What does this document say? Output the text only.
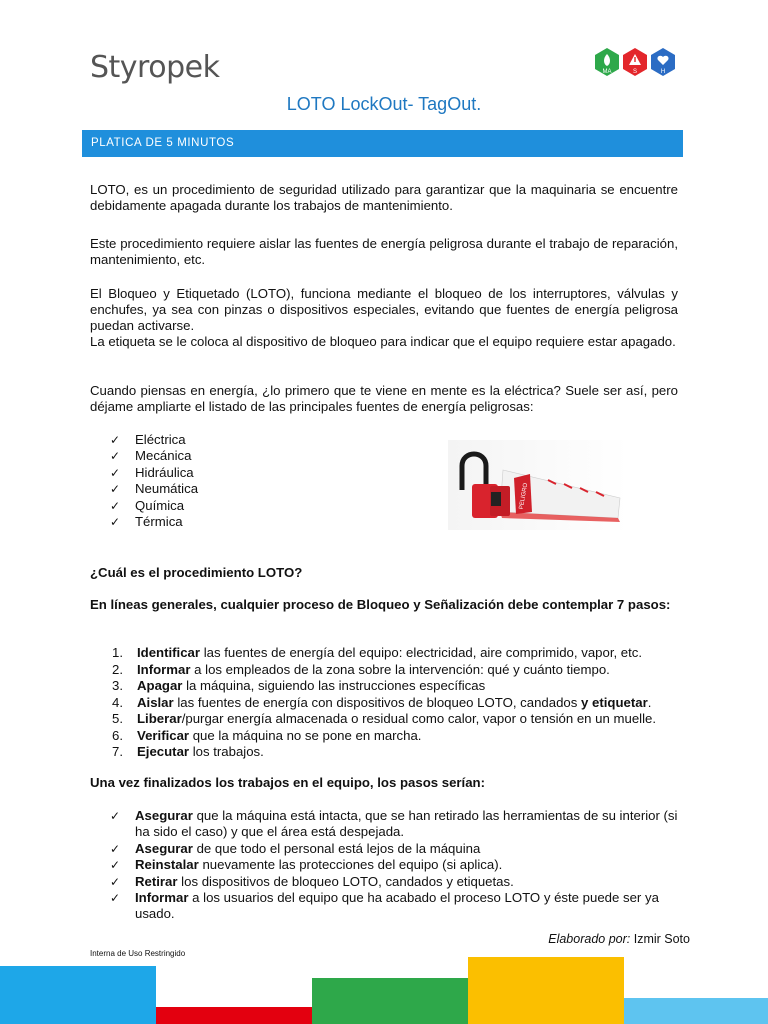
Styropek	MA	S	H
LOTO LockOut- TagOut.
PLATICA DE 5 MINUTOS
LOTO, es un procedimiento de seguridad utilizado para garantizar que la maquinaria se encuentre debidamente apagada durante los trabajos de mantenimiento.
Este procedimiento requiere aislar las fuentes de energía peligrosa durante el trabajo de reparación, mantenimiento, etc.
El Bloqueo y Etiquetado (LOTO), funciona mediante el bloqueo de los interruptores, válvulas y enchufes, ya sea con pinzas o dispositivos especiales, evitando que fuentes de energía peligrosa puedan activarse.
La etiqueta se le coloca al dispositivo de bloqueo para indicar que el equipo requiere estar apagado.
Cuando piensas en energía, ¿lo primero que te viene en mente es la eléctrica? Suele ser así, pero déjame ampliarte el listado de las principales fuentes de energía peligrosas:
✓ Eléctrica
✓ Mecánica
✓ Hidráulica
✓ Neumática
✓ Química
✓ Térmica
PELIGRO
¿Cuál es el procedimiento LOTO?
En líneas generales, cualquier proceso de Bloqueo y Señalización debe contemplar 7 pasos:
1. Identificar las fuentes de energía del equipo: electricidad, aire comprimido, vapor, etc.
2. Informar a los empleados de la zona sobre la intervención: qué y cuánto tiempo.
3. Apagar la máquina, siguiendo las instrucciones específicas
4. Aislar las fuentes de energía con dispositivos de bloqueo LOTO, candados y etiquetar.
5. Liberar/purgar energía almacenada o residual como calor, vapor o tensión en un muelle.
6. Verificar que la máquina no se pone en marcha.
7. Ejecutar los trabajos.
Una vez finalizados los trabajos en el equipo, los pasos serían:
✓ Asegurar que la máquina está intacta, que se han retirado las herramientas de su interior (si ha sido el caso) y que el área está despejada.
✓ Asegurar de que todo el personal está lejos de la máquina
✓ Reinstalar nuevamente las protecciones del equipo (si aplica).
✓ Retirar los dispositivos de bloqueo LOTO, candados y etiquetas.
✓ Informar a los usuarios del equipo que ha acabado el proceso LOTO y éste puede ser ya usado.
Elaborado por: Izmir Soto
Interna de Uso Restringido
